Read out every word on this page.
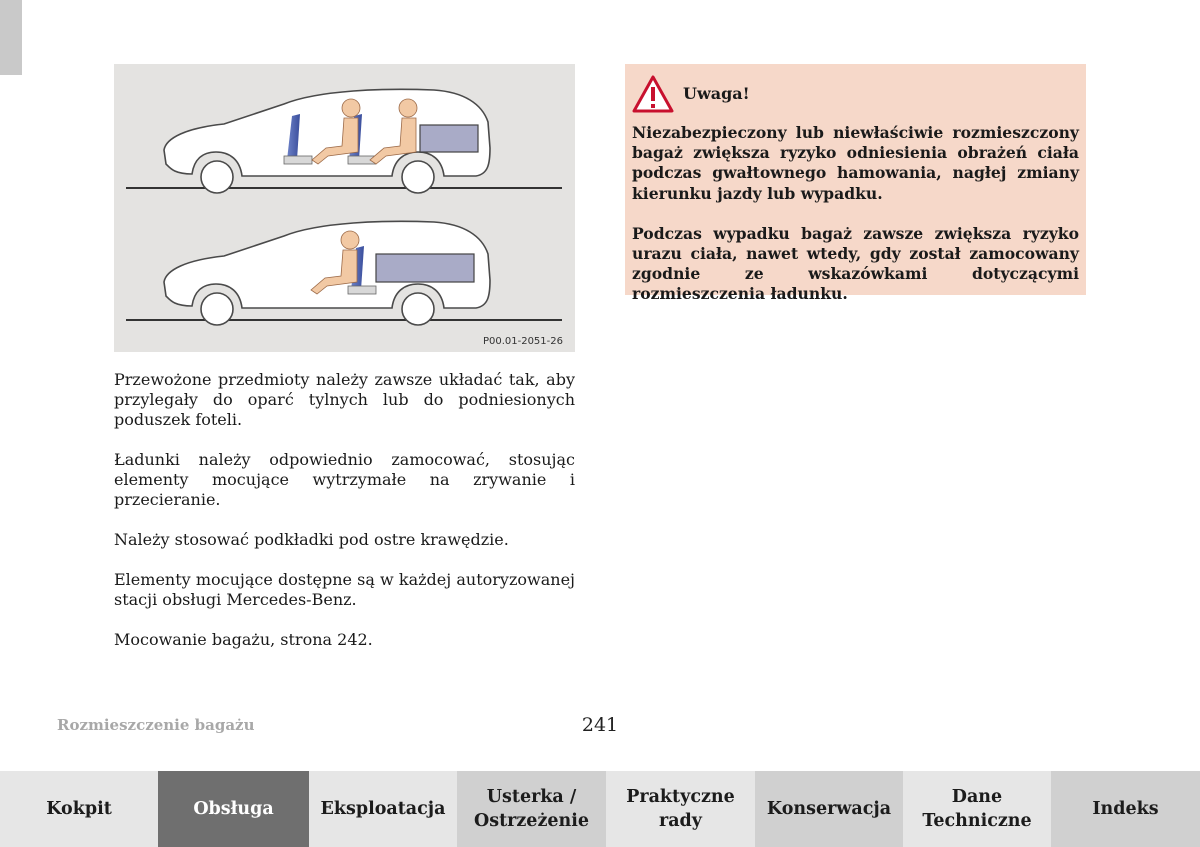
P00.01-2051-26

Przewożone przedmioty należy zawsze układać tak, aby przylegały do oparć tylnych lub do podniesionych poduszek foteli.

Ładunki należy odpowiednio zamocować, stosując elementy mocujące wytrzymałe na zrywanie i przecieranie.

Należy stosować podkładki pod ostre krawędzie.

Elementy mocujące dostępne są w każdej autoryzowanej stacji obsługi Mercedes-Benz.

Mocowanie bagażu, strona 242.

Uwaga!

Niezabezpieczony lub niewłaściwie rozmieszczony bagaż zwiększa ryzyko odniesienia obrażeń ciała podczas gwałtownego hamowania, nagłej zmiany kierunku jazdy lub wypadku.

Podczas wypadku bagaż zawsze zwiększa ryzyko urazu ciała, nawet wtedy, gdy został zamocowany zgodnie ze wskazówkami dotyczącymi rozmieszczenia ładunku.

Rozmieszczenie bagażu	241
Kokpit	Obsługa	Eksploatacja
Usterka /
Ostrzeżenie
Praktyczne
rady
Konserwacja
Dane
Techniczne
Indeks
